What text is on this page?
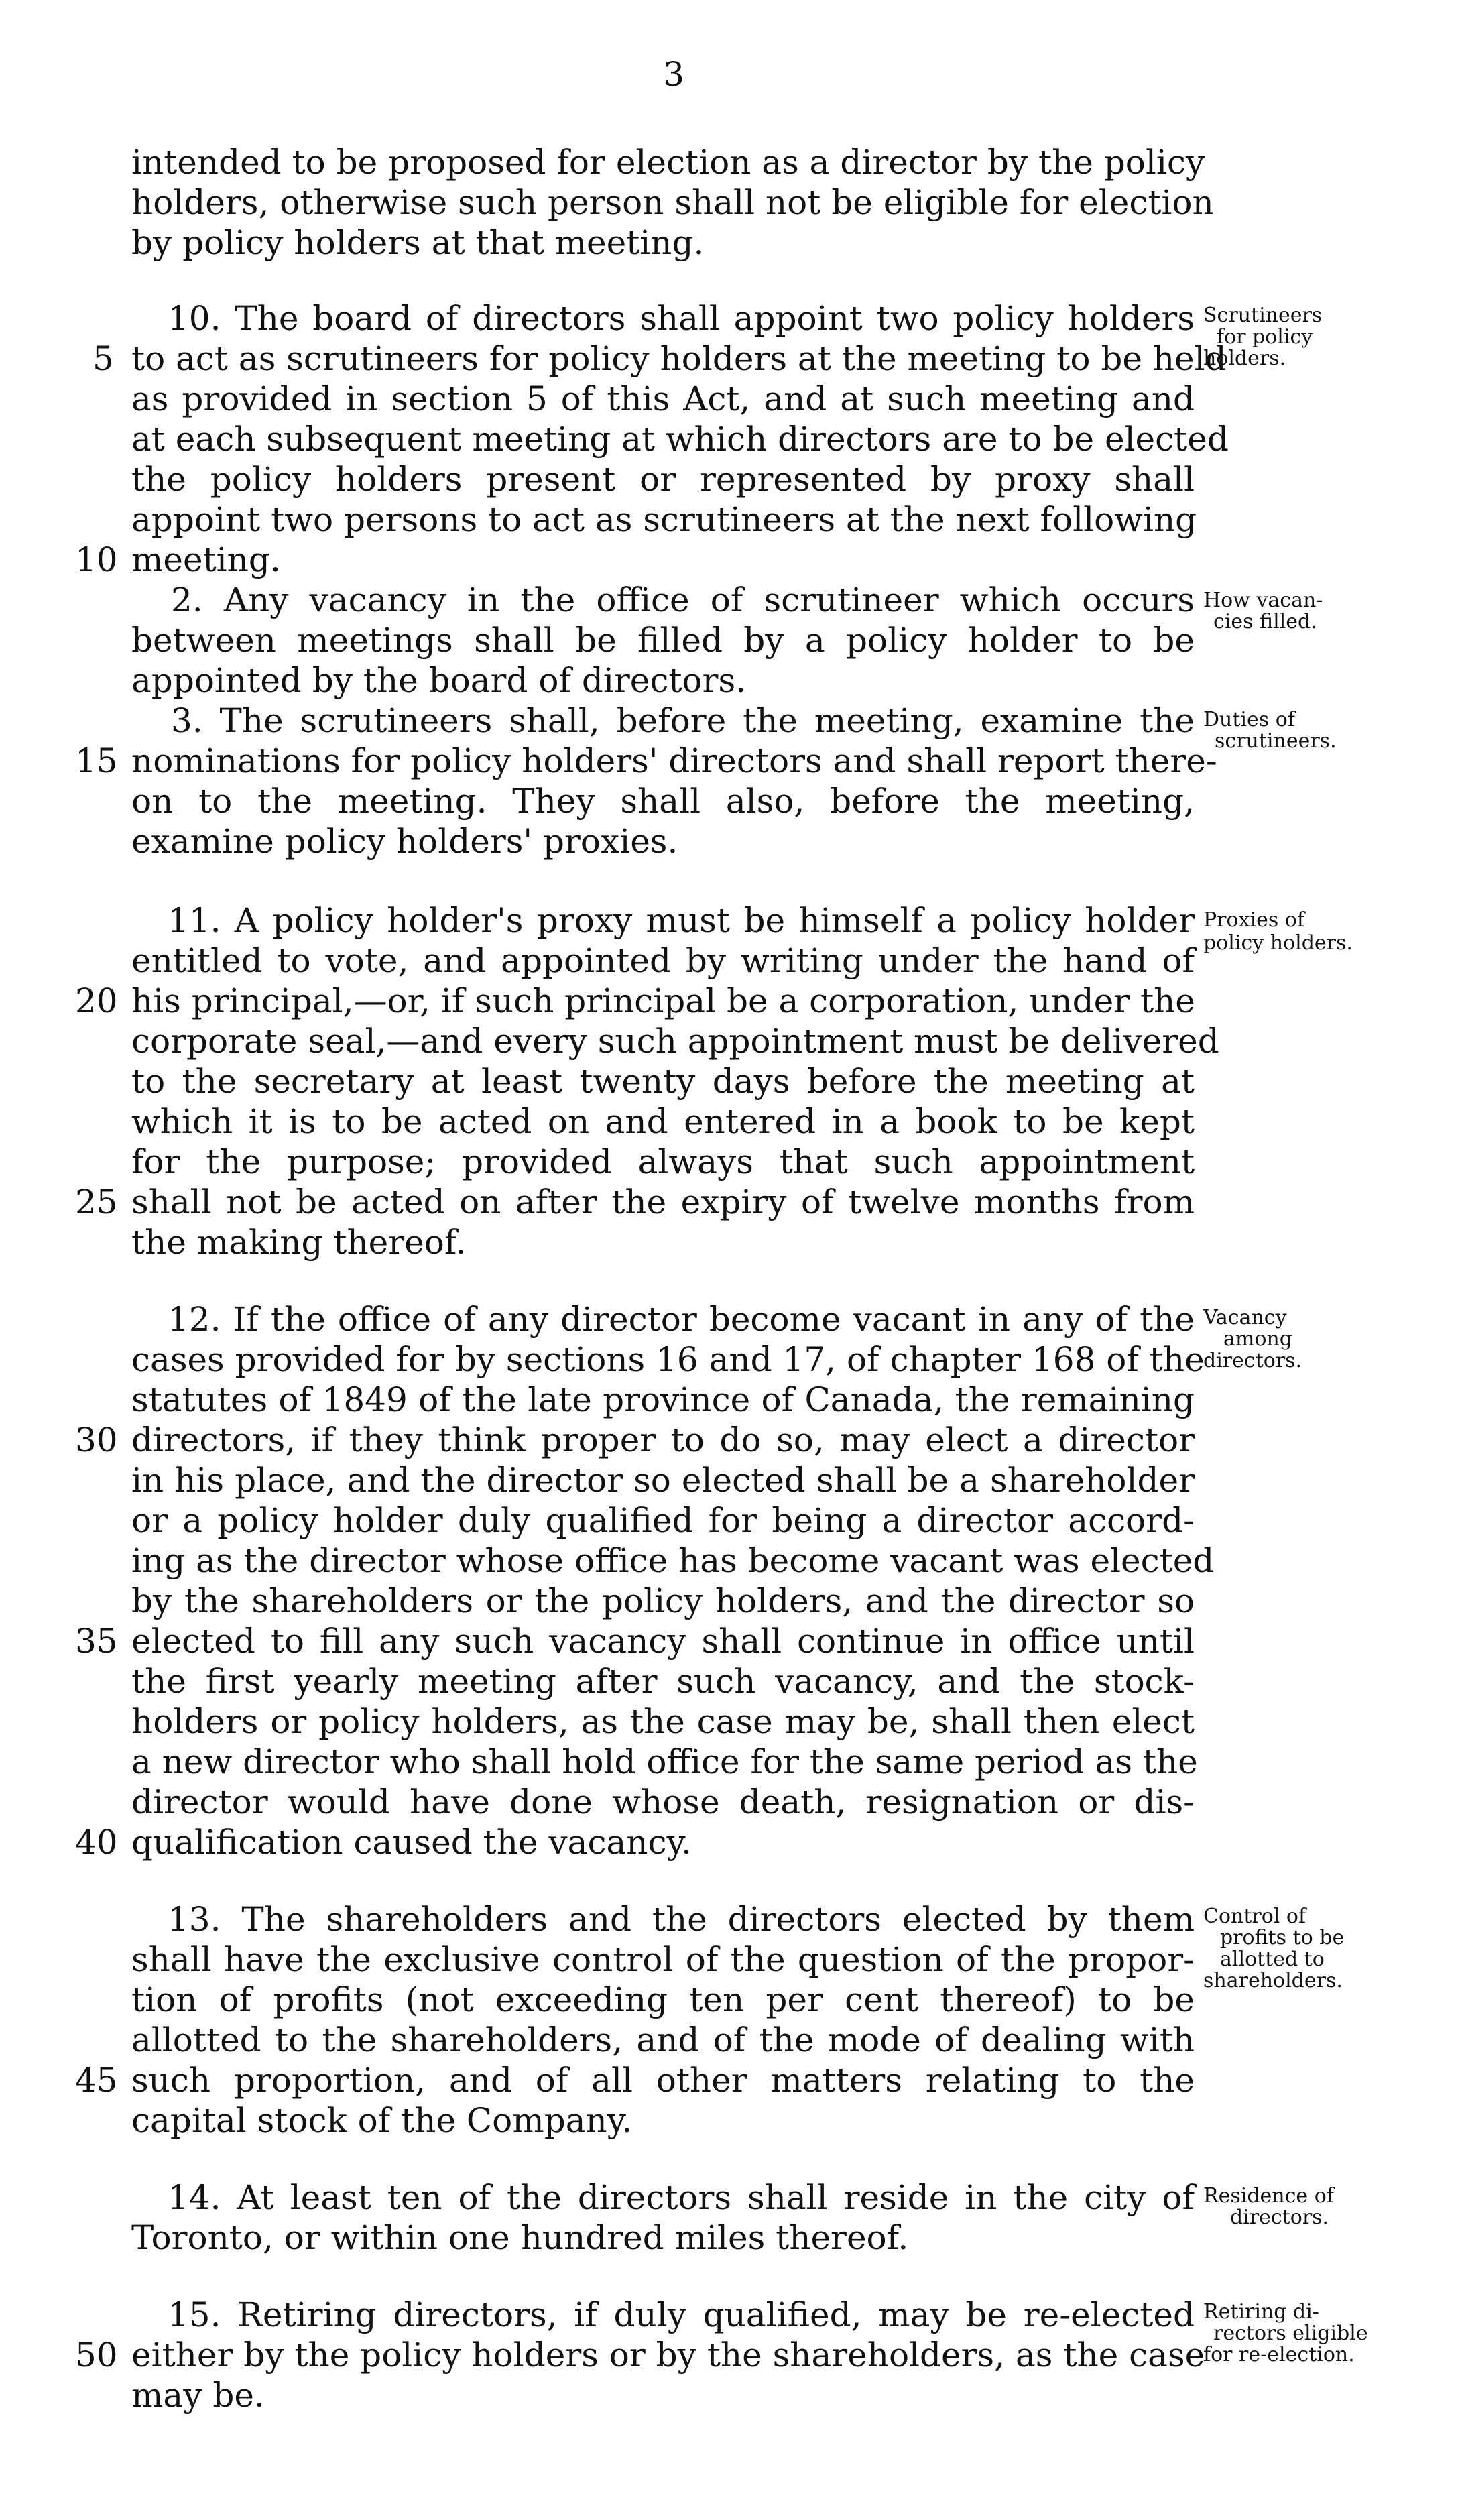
3
intended to be proposed for election as a director by the policy
holders, otherwise such person shall not be eligible for election
by policy holders at that meeting.
10. The board of directors shall appoint two policy holders
to act as scrutineers for policy holders at the meeting to be held
as provided in section 5 of this Act, and at such meeting and
at each subsequent meeting at which directors are to be elected
the policy holders present or represented by proxy shall
appoint two persons to act as scrutineers at the next following
meeting.
2. Any vacancy in the office of scrutineer which occurs
between meetings shall be filled by a policy holder to be
appointed by the board of directors.
3. The scrutineers shall, before the meeting, examine the
nominations for policy holders' directors and shall report there-
on to the meeting. They shall also, before the meeting,
examine policy holders' proxies.
11. A policy holder's proxy must be himself a policy holder
entitled to vote, and appointed by writing under the hand of
his principal,—or, if such principal be a corporation, under the
corporate seal,—and every such appointment must be delivered
to the secretary at least twenty days before the meeting at
which it is to be acted on and entered in a book to be kept
for the purpose; provided always that such appointment
shall not be acted on after the expiry of twelve months from
the making thereof.
12. If the office of any director become vacant in any of the
cases provided for by sections 16 and 17, of chapter 168 of the
statutes of 1849 of the late province of Canada, the remaining
directors, if they think proper to do so, may elect a director
in his place, and the director so elected shall be a shareholder
or a policy holder duly qualified for being a director accord-
ing as the director whose office has become vacant was elected
by the shareholders or the policy holders, and the director so
elected to fill any such vacancy shall continue in office until
the first yearly meeting after such vacancy, and the stock-
holders or policy holders, as the case may be, shall then elect
a new director who shall hold office for the same period as the
director would have done whose death, resignation or dis-
qualification caused the vacancy.
13. The shareholders and the directors elected by them
shall have the exclusive control of the question of the propor-
tion of profits (not exceeding ten per cent thereof) to be
allotted to the shareholders, and of the mode of dealing with
such proportion, and of all other matters relating to the
capital stock of the Company.
14. At least ten of the directors shall reside in the city of
Toronto, or within one hundred miles thereof.
15. Retiring directors, if duly qualified, may be re-elected
either by the policy holders or by the shareholders, as the case
may be.
5
10
15
20
25
30
35
40
45
50
Scrutineers
for policy
holders.
How vacan-
cies filled.
Duties of
scrutineers.
Proxies of
policy holders.
Vacancy
among
directors.
Control of
profits to be
allotted to
shareholders.
Residence of
directors.
Retiring di-
rectors eligible
for re-election.
